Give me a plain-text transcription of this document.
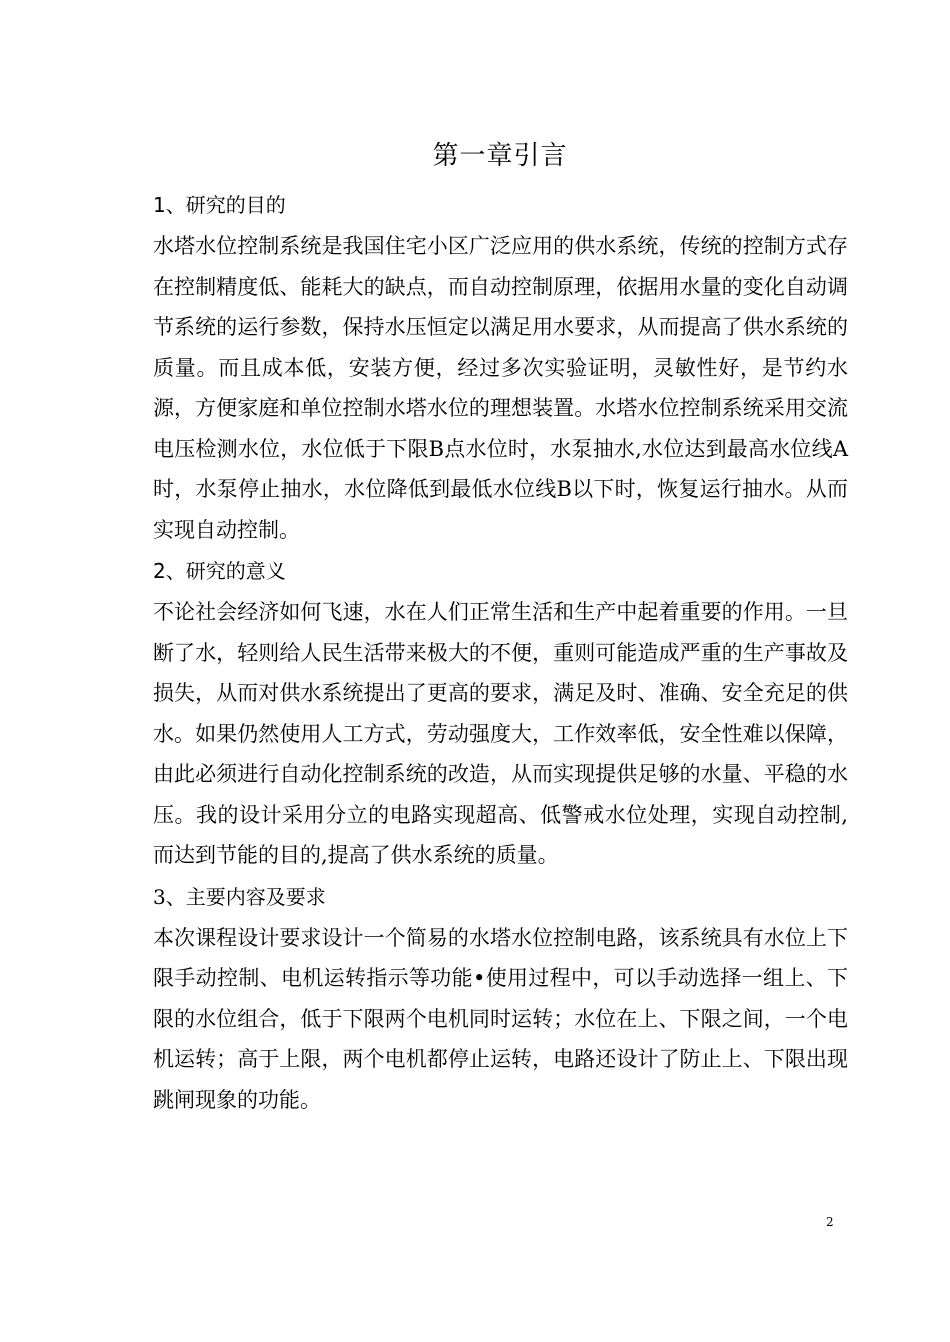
第一章引言
1、研究的目的

水塔水位控制系统是我国住宅小区广泛应用的供水系统，传统的控制方式存在控制精度低、能耗大的缺点，而自动控制原理，依据用水量的变化自动调节系统的运行参数，保持水压恒定以满足用水要求，从而提高了供水系统的质量。而且成本低，安装方便，经过多次实验证明，灵敏性好，是节约水源，方便家庭和单位控制水塔水位的理想装置。水塔水位控制系统采用交流电压检测水位，水位低于下限B点水位时，水泵抽水,水位达到最高水位线A时，水泵停止抽水，水位降低到最低水位线B以下时，恢复运行抽水。从而实现自动控制。

2、研究的意义

不论社会经济如何飞速，水在人们正常生活和生产中起着重要的作用。一旦断了水，轻则给人民生活带来极大的不便，重则可能造成严重的生产事故及损失，从而对供水系统提出了更高的要求，满足及时、准确、安全充足的供水。如果仍然使用人工方式，劳动强度大，工作效率低，安全性难以保障，由此必须进行自动化控制系统的改造，从而实现提供足够的水量、平稳的水压。我的设计采用分立的电路实现超高、低警戒水位处理，实现自动控制,而达到节能的目的,提高了供水系统的质量。

3、主要内容及要求

本次课程设计要求设计一个简易的水塔水位控制电路，该系统具有水位上下限手动控制、电机运转指示等功能•使用过程中，可以手动选择一组上、下限的水位组合，低于下限两个电机同时运转；水位在上、下限之间，一个电机运转；高于上限，两个电机都停止运转，电路还设计了防止上、下限出现跳闸现象的功能。

2
